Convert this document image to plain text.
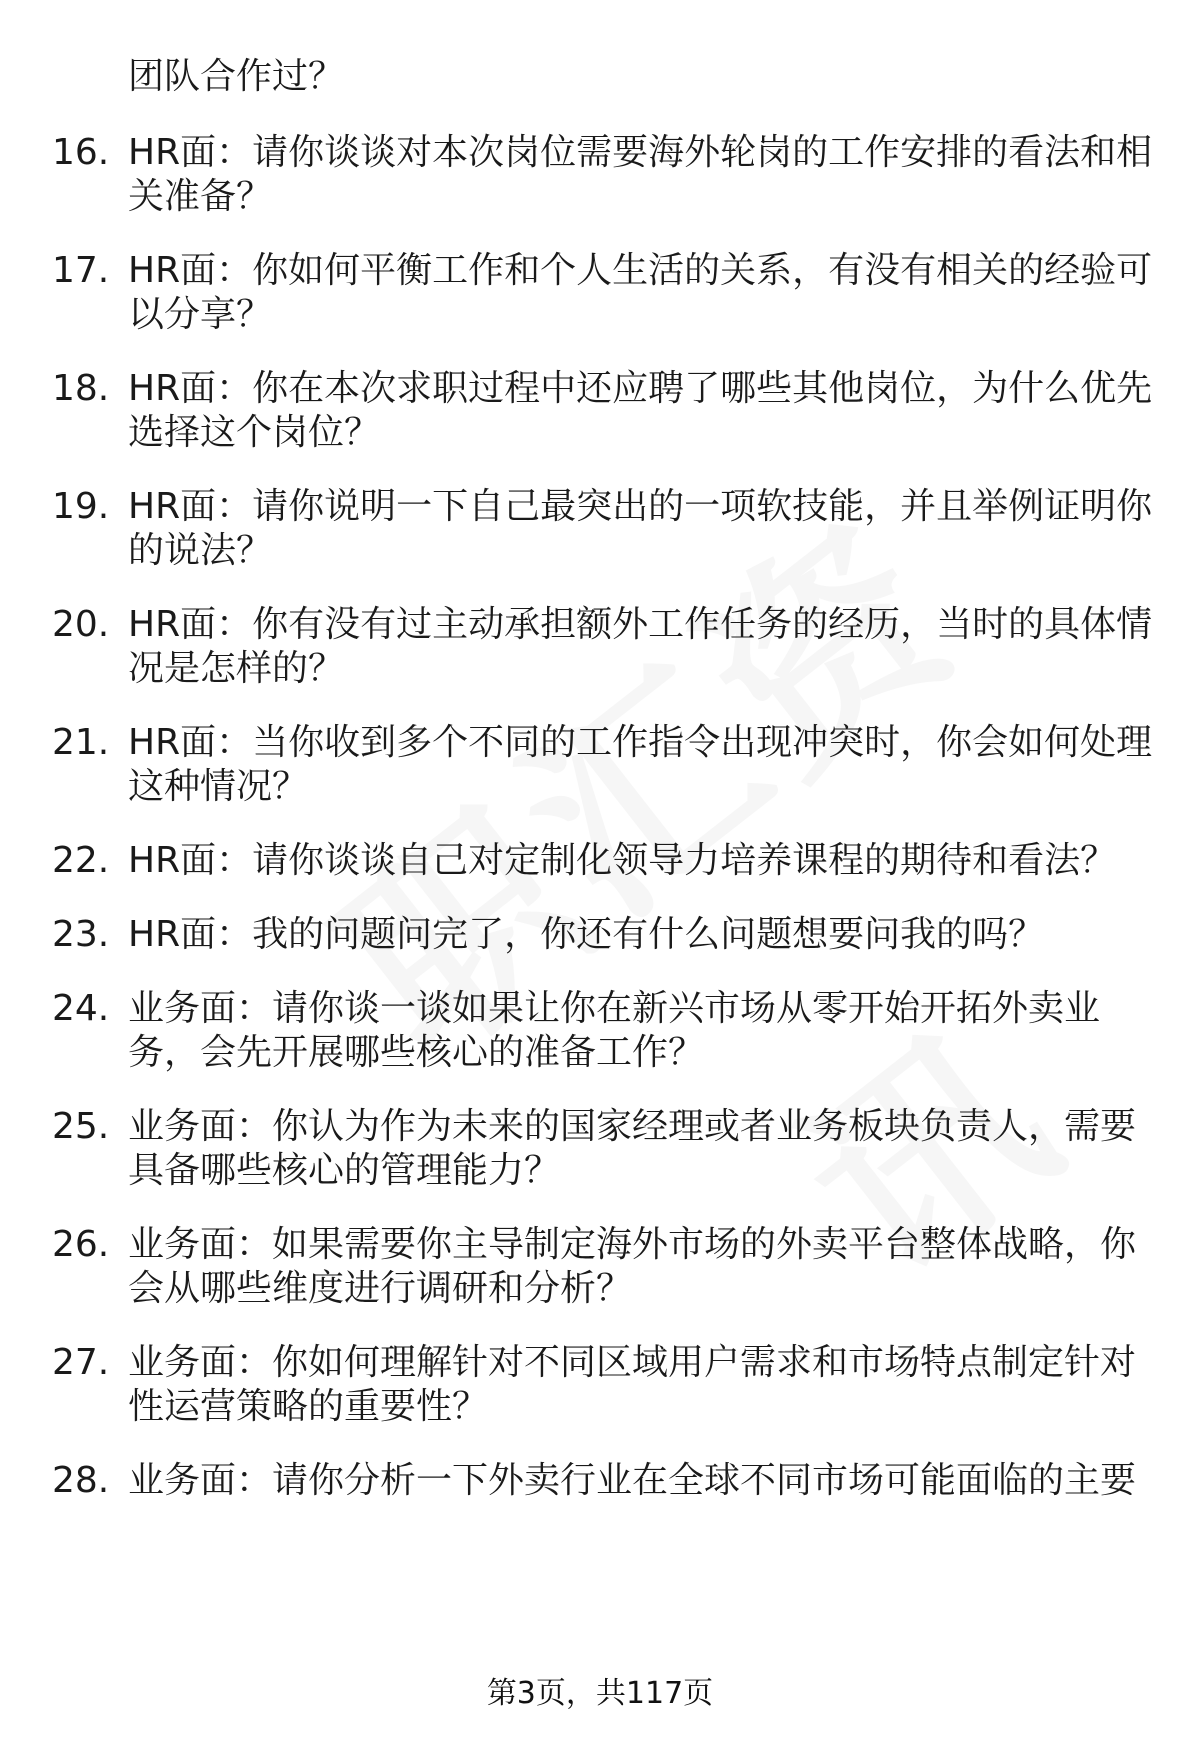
团队合作过？
16. HR面：请你谈谈对本次岗位需要海外轮岗的工作安排的看法和相
关准备？
17. HR面：你如何平衡工作和个人生活的关系，有没有相关的经验可
以分享？
18. HR面：你在本次求职过程中还应聘了哪些其他岗位，为什么优先
选择这个岗位？
19. HR面：请你说明一下自己最突出的一项软技能，并且举例证明你
的说法？
20. HR面：你有没有过主动承担额外工作任务的经历，当时的具体情
况是怎样的？
21. HR面：当你收到多个不同的工作指令出现冲突时，你会如何处理
这种情况？
22. HR面：请你谈谈自己对定制化领导力培养课程的期待和看法？
23. HR面：我的问题问完了，你还有什么问题想要问我的吗？
24. 业务面：请你谈一谈如果让你在新兴市场从零开始开拓外卖业
务，会先开展哪些核心的准备工作？
25. 业务面：你认为作为未来的国家经理或者业务板块负责人，需要
具备哪些核心的管理能力？
26. 业务面：如果需要你主导制定海外市场的外卖平台整体战略，你
会从哪些维度进行调研和分析？
27. 业务面：你如何理解针对不同区域用户需求和市场特点制定针对
性运营策略的重要性？
28. 业务面：请你分析一下外卖行业在全球不同市场可能面临的主要
第3页，共117页
